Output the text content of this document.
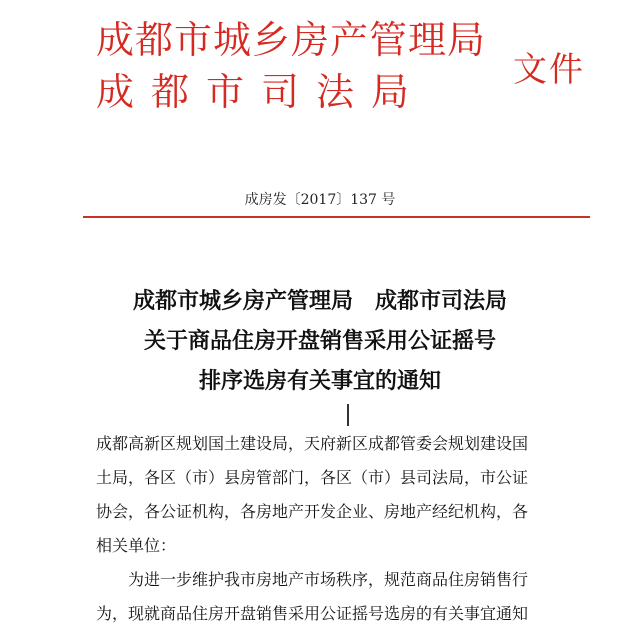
成都市城乡房产管理局
成都市司法局	文件
成房发〔2017〕137 号
成都市城乡房产管理局 成都市司法局
关于商品住房开盘销售采用公证摇号
排序选房有关事宜的通知
成都高新区规划国土建设局，天府新区成都管委会规划建设国
土局，各区（市）县房管部门，各区（市）县司法局，市公证
协会，各公证机构，各房地产开发企业、房地产经纪机构，各
相关单位：
为进一步维护我市房地产市场秩序，规范商品住房销售行
为，现就商品住房开盘销售采用公证摇号选房的有关事宜通知
